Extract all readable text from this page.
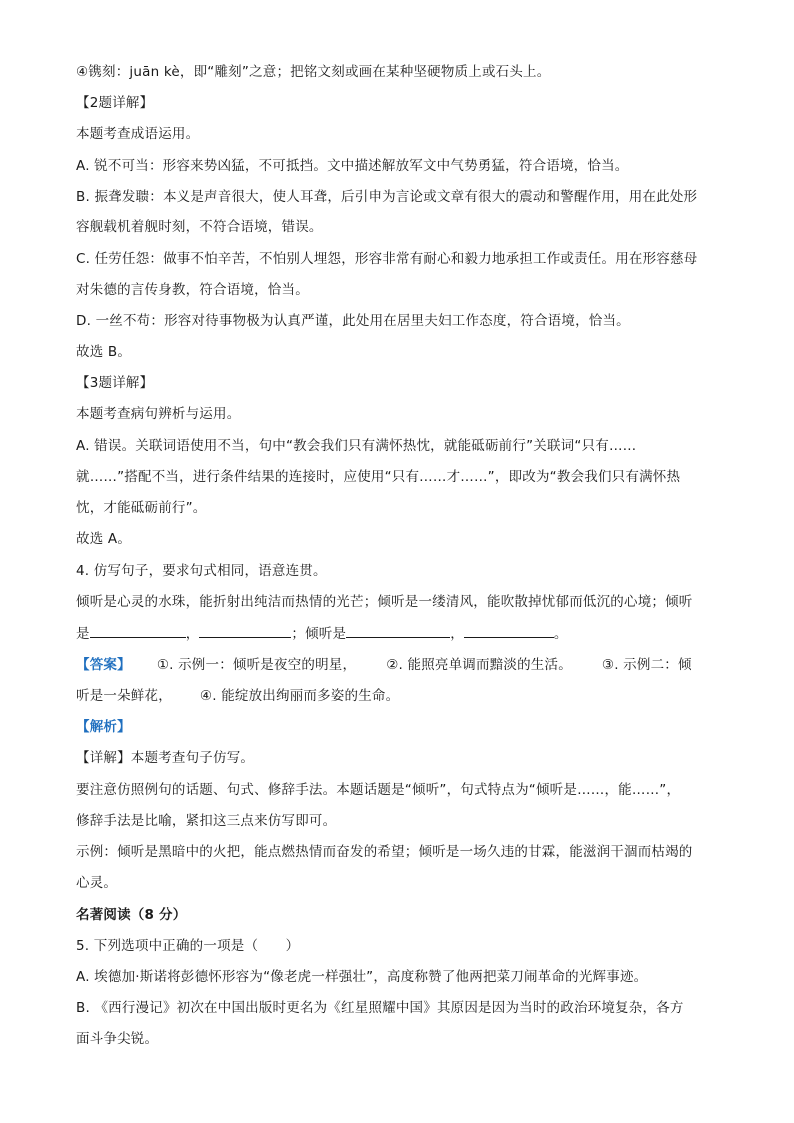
④镌刻：juān kè，即“雕刻”之意；把铭文刻或画在某种坚硬物质上或石头上。
【2题详解】
本题考查成语运用。
A. 锐不可当：形容来势凶猛，不可抵挡。文中描述解放军文中气势勇猛，符合语境，恰当。
B. 振聋发聩：本义是声音很大，使人耳聋，后引申为言论或文章有很大的震动和警醒作用，用在此处形
容舰载机着舰时刻，不符合语境，错误。
C. 任劳任怨：做事不怕辛苦，不怕别人埋怨，形容非常有耐心和毅力地承担工作或责任。用在形容慈母
对朱德的言传身教，符合语境，恰当。
D. 一丝不苟：形容对待事物极为认真严谨，此处用在居里夫妇工作态度，符合语境，恰当。
故选 B。
【3题详解】
本题考查病句辨析与运用。
A. 错误。关联词语使用不当，句中“教会我们只有满怀热忱，就能砥砺前行”关联词“只有……
就……”搭配不当，进行条件结果的连接时，应使用“只有……才……”，即改为“教会我们只有满怀热
忱，才能砥砺前行”。
故选 A。
4. 仿写句子，要求句式相同，语意连贯。
倾听是心灵的水珠，能折射出纯洁而热情的光芒；倾听是一缕清风，能吹散掉忧郁而低沉的心境；倾听
是	，	；倾听是	，	。
【答案】 ①. 示例一：倾听是夜空的明星， ②. 能照亮单调而黯淡的生活。 ③. 示例二：倾
听是一朵鲜花， ④. 能绽放出绚丽而多姿的生命。
【解析】
【详解】本题考查句子仿写。
要注意仿照例句的话题、句式、修辞手法。本题话题是“倾听”，句式特点为“倾听是……，能……”，
修辞手法是比喻，紧扣这三点来仿写即可。
示例：倾听是黑暗中的火把，能点燃热情而奋发的希望；倾听是一场久违的甘霖，能滋润干涸而枯竭的
心灵。
名著阅读（8 分）
5. 下列选项中正确的一项是（　　）
A. 埃德加·斯诺将彭德怀形容为“像老虎一样强壮”，高度称赞了他两把菜刀闹革命的光辉事迹。
B. 《西行漫记》初次在中国出版时更名为《红星照耀中国》其原因是因为当时的政治环境复杂，各方
面斗争尖锐。
